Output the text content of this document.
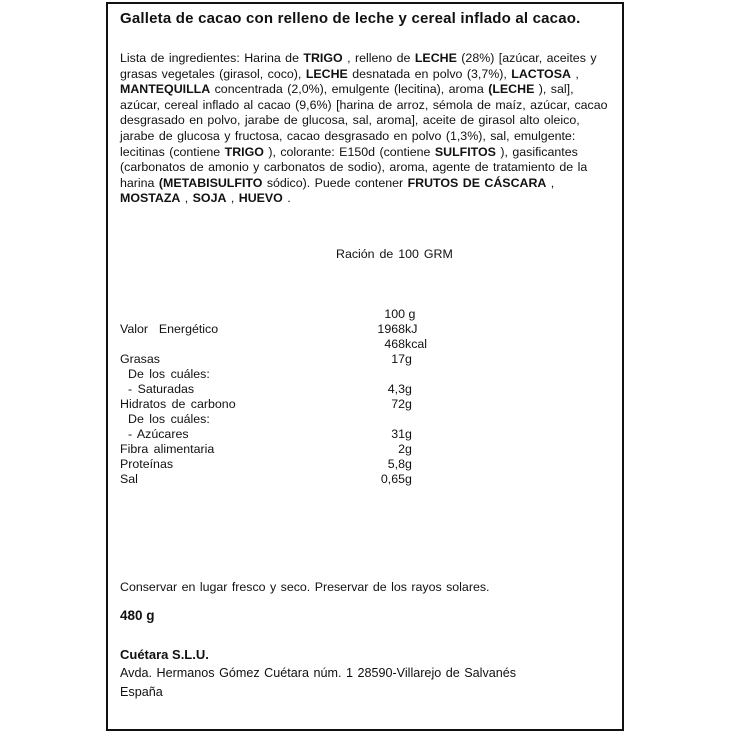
Galleta de cacao con relleno de leche y cereal inflado al cacao.
Lista de ingredientes: Harina de TRIGO , relleno de LECHE (28%) [azúcar, aceites y grasas vegetales (girasol, coco), LECHE desnatada en polvo (3,7%), LACTOSA , MANTEQUILLA concentrada (2,0%), emulgente (lecitina), aroma (LECHE ), sal], azúcar, cereal inflado al cacao (9,6%) [harina de arroz, sémola de maíz, azúcar, cacao desgrasado en polvo, jarabe de glucosa, sal, aroma], aceite de girasol alto oleico, jarabe de glucosa y fructosa, cacao desgrasado en polvo (1,3%), sal, emulgente: lecitinas (contiene TRIGO ), colorante: E150d (contiene SULFITOS ), gasificantes (carbonatos de amonio y carbonatos de sodio), aroma, agente de tratamiento de la harina (METABISULFITO sódico). Puede contener FRUTOS DE CÁSCARA , MOSTAZA , SOJA , HUEVO .
Ración de 100 GRM
100 g
1968 kJ
Valor  Energético
468 kcal
17 g
Grasas
De los cuáles:
4,3 g
- Saturadas
72 g
Hidratos de carbono
De los cuáles:
31 g
- Azúcares
2 g
Fibra alimentaria
5,8 g
Proteínas
0,65 g
Sal
Conservar en lugar fresco y seco. Preservar de los rayos solares.
480 g
Cuétara S.L.U.
Avda. Hermanos Gómez Cuétara núm. 1 28590-Villarejo de Salvanés
España
